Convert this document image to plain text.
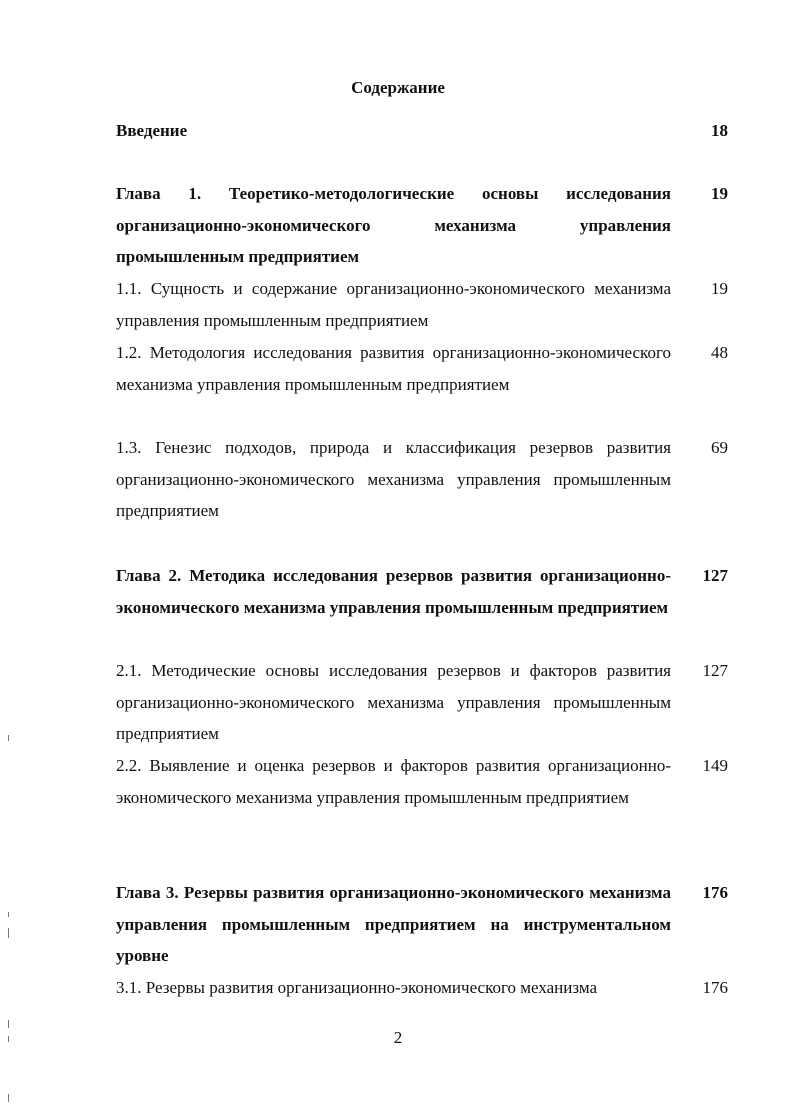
Содержание
Введение	18
Глава 1. Теоретико-методологические основы исследования организационно-экономического механизма управления промышленным предприятием
19
1.1. Сущность и содержание организационно-экономического механизма управления промышленным предприятием
19
1.2. Методология исследования развития организационно-экономического механизма управления промышленным предприятием
48
1.3. Генезис подходов, природа и классификация резервов развития организационно-экономического механизма управления промышленным предприятием
69
Глава 2. Методика исследования резервов развития организационно-экономического механизма управления промышленным предприятием
127
2.1. Методические основы исследования резервов и факторов развития организационно-экономического механизма управления промышленным предприятием
127
2.2. Выявление и оценка резервов и факторов развития организационно-экономического механизма управления промышленным предприятием
149
Глава 3. Резервы развития организационно-экономического механизма управления промышленным предприятием на инструментальном уровне
176
3.1. Резервы развития организационно-экономического механизма	176
2
